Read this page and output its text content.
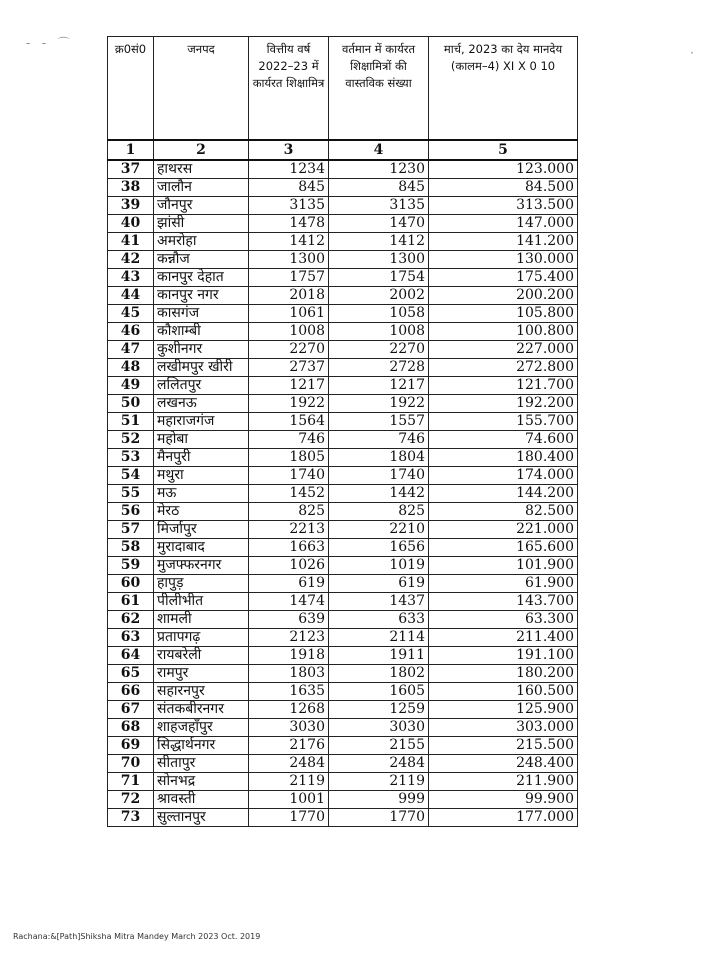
-   -   ⌒
·
क्र0सं0	जनपद	वित्तीय वर्ष 2022–23 में कार्यरत शिक्षामित्र	वर्तमान में कार्यरत शिक्षामित्रों की वास्तविक संख्या	मार्च, 2023 का देय मानदेय (कालम–4) XI X 0 10
1	2	3	4	5
37	हाथरस	1234	1230	123.000
38	जालौन	845	845	84.500
39	जौनपुर	3135	3135	313.500
40	झांसी	1478	1470	147.000
41	अमरोहा	1412	1412	141.200
42	कन्नौज	1300	1300	130.000
43	कानपुर देहात	1757	1754	175.400
44	कानपुर नगर	2018	2002	200.200
45	कासगंज	1061	1058	105.800
46	कौशाम्बी	1008	1008	100.800
47	कुशीनगर	2270	2270	227.000
48	लखीमपुर खीरी	2737	2728	272.800
49	ललितपुर	1217	1217	121.700
50	लखनऊ	1922	1922	192.200
51	महाराजगंज	1564	1557	155.700
52	महोबा	746	746	74.600
53	मैनपुरी	1805	1804	180.400
54	मथुरा	1740	1740	174.000
55	मऊ	1452	1442	144.200
56	मेरठ	825	825	82.500
57	मिर्जापुर	2213	2210	221.000
58	मुरादाबाद	1663	1656	165.600
59	मुजफ्फरनगर	1026	1019	101.900
60	हापुड़	619	619	61.900
61	पीलीभीत	1474	1437	143.700
62	शामली	639	633	63.300
63	प्रतापगढ़	2123	2114	211.400
64	रायबरेली	1918	1911	191.100
65	रामपुर	1803	1802	180.200
66	सहारनपुर	1635	1605	160.500
67	संतकबीरनगर	1268	1259	125.900
68	शाहजहाँपुर	3030	3030	303.000
69	सिद्धार्थनगर	2176	2155	215.500
70	सीतापुर	2484	2484	248.400
71	सोनभद्र	2119	2119	211.900
72	श्रावस्ती	1001	999	99.900
73	सुल्तानपुर	1770	1770	177.000
Rachana:&[Path]Shiksha Mitra Mandey March 2023 Oct. 2019
